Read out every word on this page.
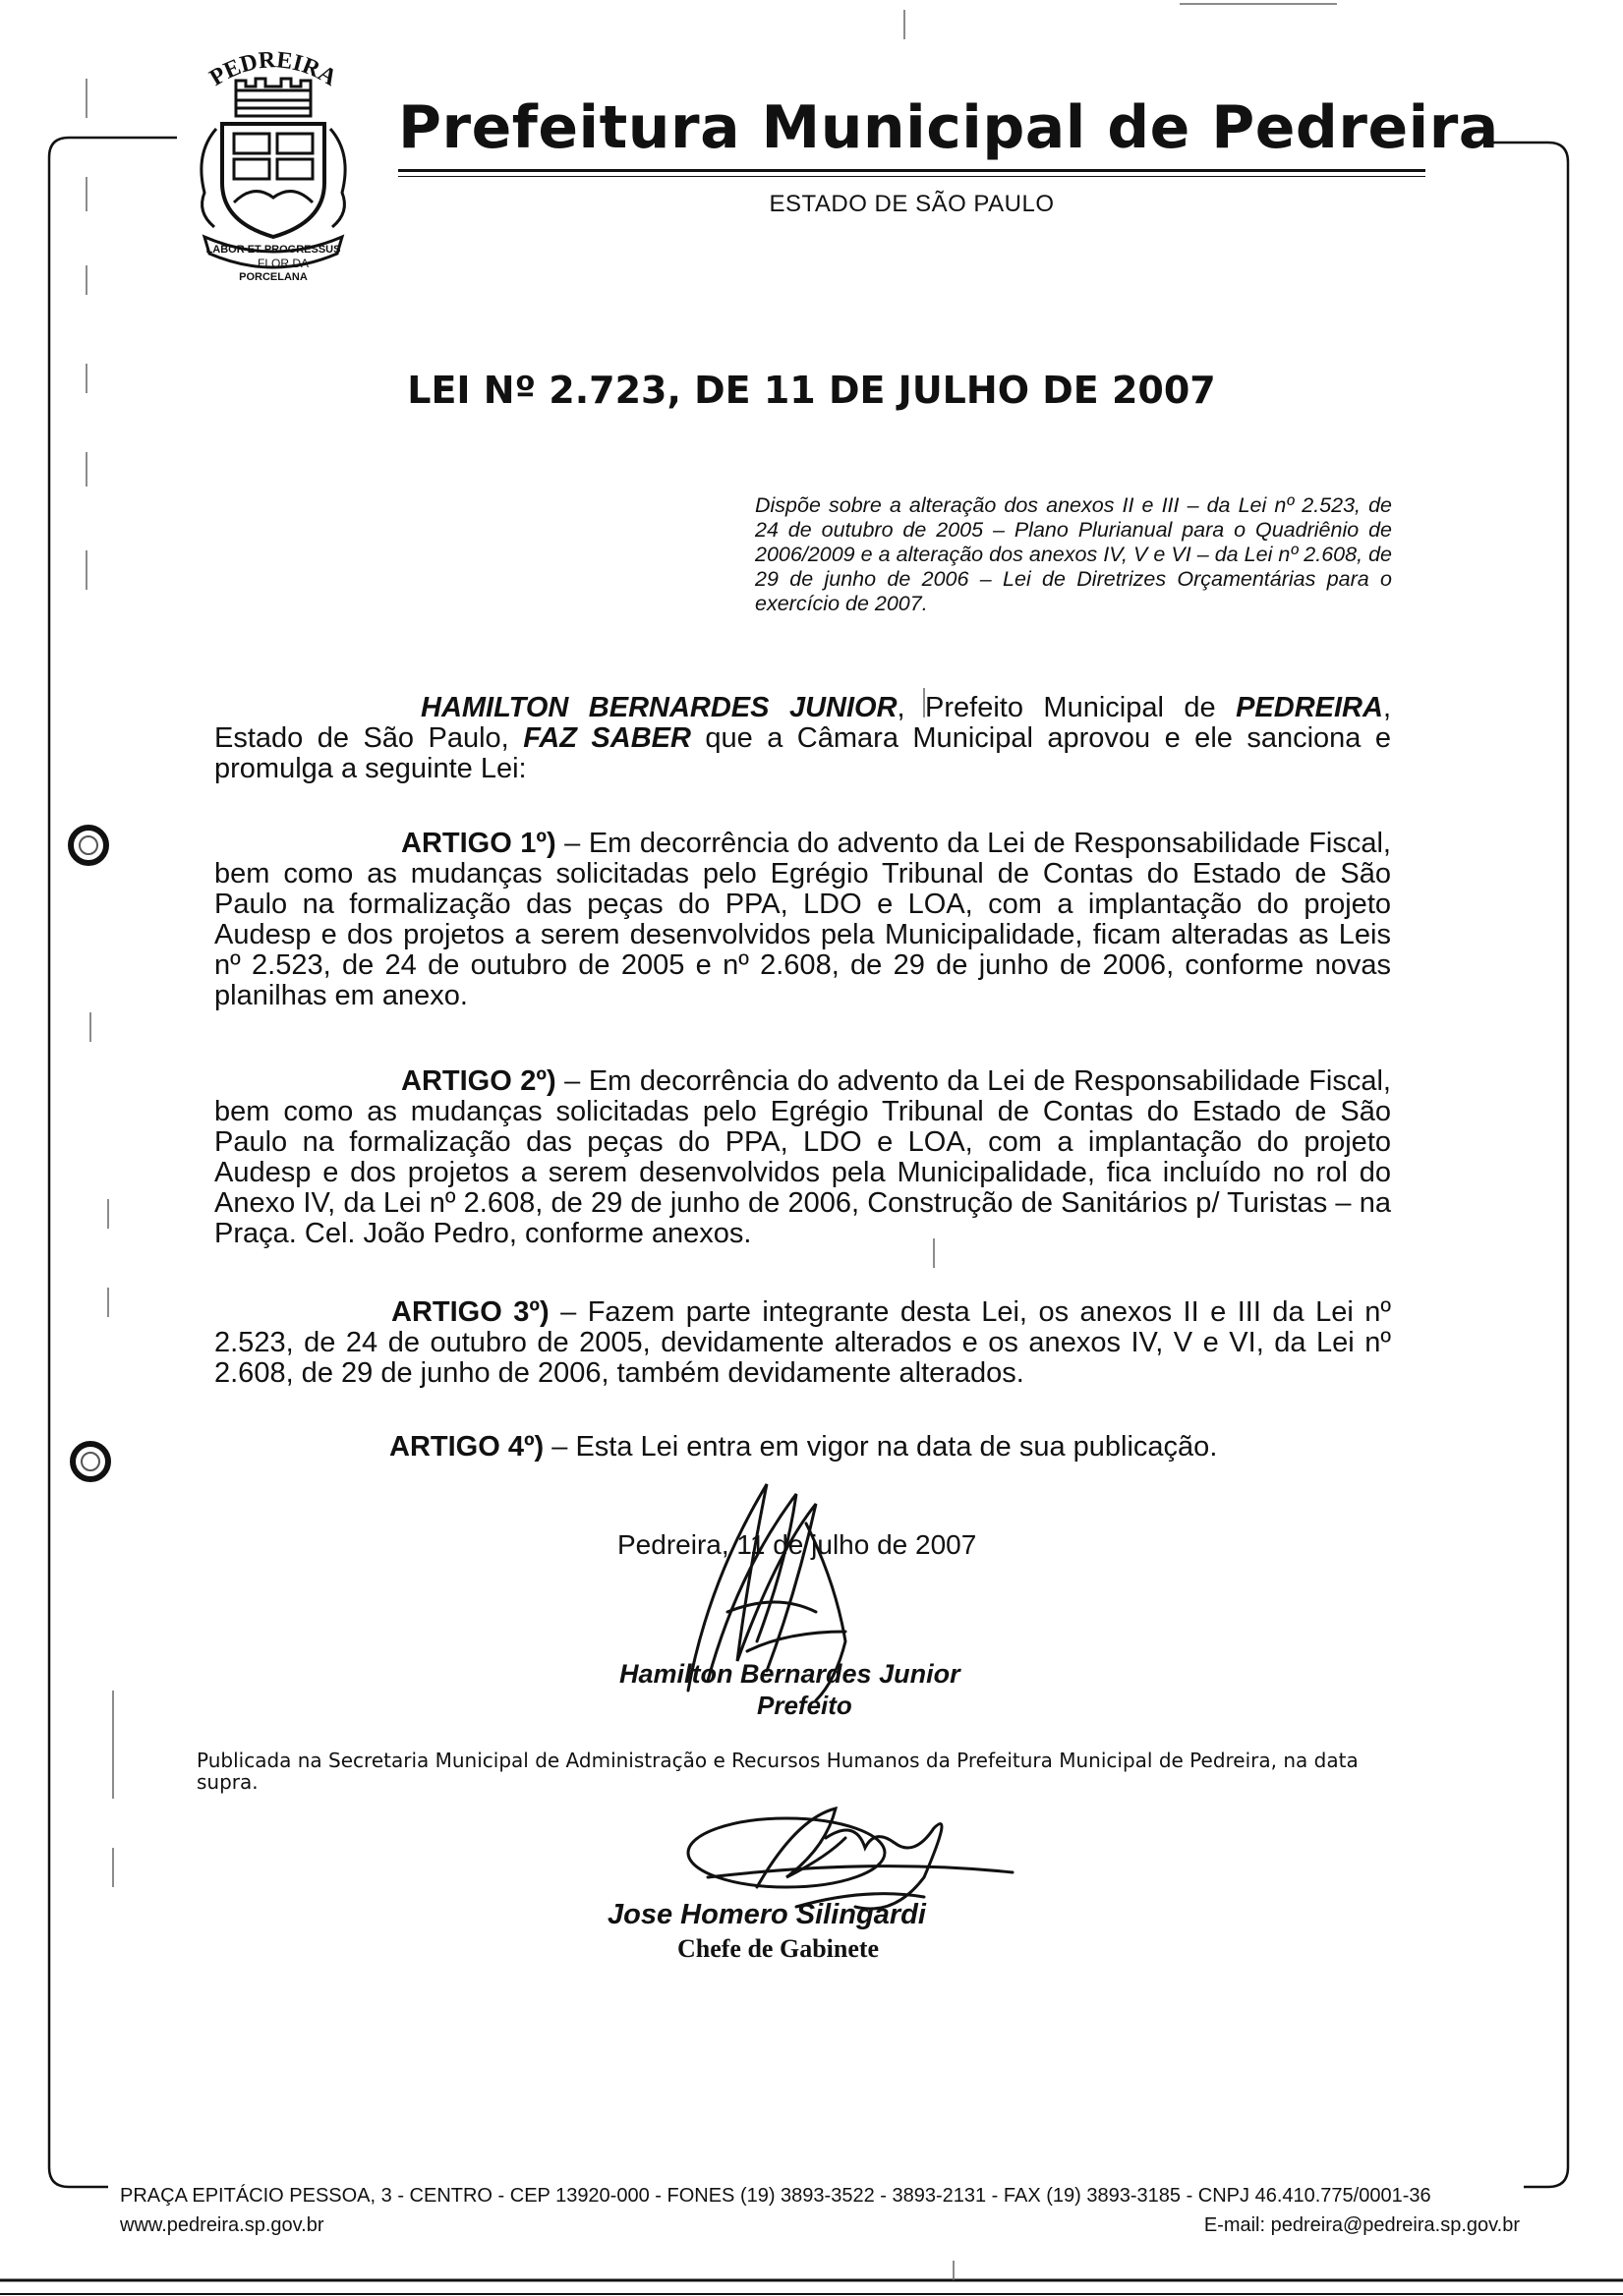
PEDREIRA
LABOR ET PROGRESSUS
FLOR DA
PORCELANA
Prefeitura Municipal de Pedreira
ESTADO DE SÃO PAULO
LEI Nº 2.723, DE 11 DE JULHO DE 2007
Dispõe sobre a alteração dos anexos II e III – da Lei nº 2.523, de 24 de outubro de 2005 – Plano Plurianual para o Quadriênio de 2006/2009 e a alteração dos anexos IV, V e VI – da Lei nº 2.608, de 29 de junho de 2006 – Lei de Diretrizes Orçamentárias para o exercício de 2007.
HAMILTON BERNARDES JUNIOR, Prefeito Municipal de PEDREIRA, Estado de São Paulo, FAZ SABER que a Câmara Municipal aprovou e ele sanciona e promulga a seguinte Lei:
ARTIGO 1º) – Em decorrência do advento da Lei de Responsabilidade Fiscal, bem como as mudanças solicitadas pelo Egrégio Tribunal de Contas do Estado de São Paulo na formalização das peças do PPA, LDO e LOA, com a implantação do projeto Audesp e dos projetos a serem desenvolvidos pela Municipalidade, ficam alteradas as Leis nº 2.523, de 24 de outubro de 2005 e nº 2.608, de 29 de junho de 2006, conforme novas planilhas em anexo.
ARTIGO 2º) – Em decorrência do advento da Lei de Responsabilidade Fiscal, bem como as mudanças solicitadas pelo Egrégio Tribunal de Contas do Estado de São Paulo na formalização das peças do PPA, LDO e LOA, com a implantação do projeto Audesp e dos projetos a serem desenvolvidos pela Municipalidade, fica incluído no rol do Anexo IV, da Lei nº 2.608, de 29 de junho de 2006, Construção de Sanitários p/ Turistas – na Praça. Cel. João Pedro, conforme anexos.
ARTIGO 3º) – Fazem parte integrante desta Lei, os anexos II e III da Lei nº 2.523, de 24 de outubro de 2005, devidamente alterados e os anexos IV, V e VI, da Lei nº 2.608, de 29 de junho de 2006, também devidamente alterados.
ARTIGO 4º) – Esta Lei entra em vigor na data de sua publicação.
Pedreira, 11 de julho de 2007
Hamilton Bernardes Junior
Prefeito
Publicada na Secretaria Municipal de Administração e Recursos Humanos da Prefeitura Municipal de Pedreira, na data supra.
Jose Homero Silingardi
Chefe de Gabinete
PRAÇA EPITÁCIO PESSOA, 3 - CENTRO - CEP 13920-000 - FONES (19) 3893-3522 - 3893-2131 - FAX (19) 3893-3185 - CNPJ 46.410.775/0001-36
www.pedreira.sp.gov.br	E-mail: pedreira@pedreira.sp.gov.br
